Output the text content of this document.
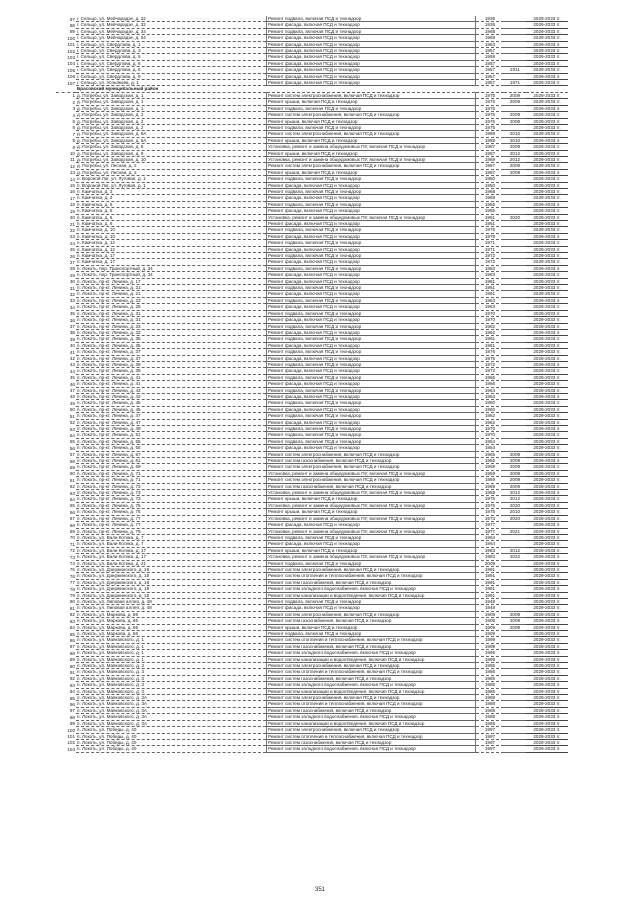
97	г. Сельцо, ул. Мейчарадзе, д. 32	Ремонт подвала, включая ПСД и технадзор	1936		2029-2033 гг.
98	г. Сельцо, ул. Мейчарадзе, д. 32	Ремонт фасада, включая ПСД и технадзор	1936		2029-2033 гг.
99	г. Сельцо, ул. Мейчарадзе, д. 34	Ремонт подвала, включая ПСД и технадзор	1968		2029-2033 гг.
100	г. Сельцо, ул. Мейчарадзе, д. 34	Ремонт фасада, включая ПСД и технадзор	1968		2029-2033 гг.
101	г. Сельцо, ул. Свердлова, д. 1	Ремонт фасада, включая ПСД и технадзор	1963		2029-2033 гг.
102	г. Сельцо, ул. Свердлова, д. 3	Ремонт фасада, включая ПСД и технадзор	1957		2029-2033 гг.
103	г. Сельцо, ул. Свердлова, д. 5	Ремонт фасада, включая ПСД и технадзор	1958		2029-2033 гг.
104	г. Сельцо, ул. Свердлова, д. 6	Ремонт фасада, включая ПСД и технадзор	1957		2029-2033 гг.
105	г. Сельцо, ул. Свердлова, д. 6	Ремонт фасада, включая ПСД и технадзор	1957	2011	2029-2033 гг.
106	г. Сельцо, ул. Свердлова, д. 9	Ремонт фасада, включая ПСД и технадзор	1957		2029-2033 гг.
107	г. Сельцо, ул. Успьякова, д. 1	Ремонт фасада, включая ПСД и технадзор	1957	1971	2029-2033 гг.
	Брасовский муниципальный район				
1	д. Погребы, ул. Заводская, д. 1	Ремонт систем электроснабжения, включая ПСД и технадзор	1975	2009	2029-2033 гг.
2	д. Погребы, ул. Заводская, д. 1	Ремонт крыши, включая ПСД и технадзор	1975	2009	2029-2033 гг.
3	д. Погребы, ул. Заводская, д. 1	Ремонт подвала, включая ПСД и технадзор	1975		2029-2033 гг.
4	д. Погребы, ул. Заводская, д. 2	Ремонт систем электроснабжения, включая ПСД и технадзор	1975	2009	2029-2033 гг.
5	д. Погребы, ул. Заводская, д. 2	Ремонт крыши, включая ПСД и технадзор	1975	2009	2029-2033 гг.
6	д. Погребы, ул. Заводская, д. 2	Ремонт подвала, включая ПСД и технадзор	1975		2029-2033 гг.
7	д. Погребы, ул. Заводская, д. 8А	Ремонт систем электроснабжения, включая ПСД и технадзор	1989	2010	2029-2033 гг.
8	д. Погребы, ул. Заводская, д. 8А	Ремонт крыши, включая ПСД и технадзор	1989	2010	2029-2033 гг.
9	д. Погребы, ул. Заводская, д. 8	Установка, ремонт и замена общедомовых ПУ, включая ПСД и технадзор	1987	2009	2029-2033 гг.
10	д. Погребы, ул. Заводская, д. 9	Ремонт крыши, включая ПСД и технадзор	1987	2012	2029-2033 гг.
11	д. Погребы, ул. Заводская, д. 10	Установка, ремонт и замена общедомовых ПУ, включая ПСД и технадзор	1989	2012	2029-2033 гг.
12	д. Погребы, ул. Лесная, д. 2	Ремонт систем электроснабжения, включая ПСД и технадзор	1987	2009	2029-2033 гг.
13	д. Погребы, ул. Лесная, д. 2	Ремонт крыши, включая ПСД и технадзор	1987	2009	2029-2033 гг.
14	п. Вороной Лог, ул. Луговая, д. 1	Ремонт подвала, включая ПСД и технадзор	1950		2029-2033 гг.
15	п. Вороной Лог, ул. Луговая, д. 1	Ремонт фасада, включая ПСД и технадзор	1950		2029-2033 гг.
16	п. Камчатка, д. 3	Ремонт подвала, включая ПСД и технадзор	1968		2029-2033 гг.
17	п. Камчатка, д. 3	Ремонт фасада, включая ПСД и технадзор	1968		2029-2033 гг.
18	п. Камчатка, д. 5	Ремонт подвала, включая ПСД и технадзор	1955		2029-2033 гг.
19	п. Камчатка, д. 5	Ремонт фасада, включая ПСД и технадзор	1955		2029-2033 гг.
20	п. Камчатка, д. 6	Установка, ремонт и замена общедомовых ПУ, включая ПСД и технадзор	1961	2020	2029-2033 гг.
21	п. Камчатка, д. 6	Ремонт фасада, включая ПСД и технадзор	1961		2029-2033 гг.
22	п. Камчатка, д. 10	Ремонт подвала, включая ПСД и технадзор	1975		2029-2033 гг.
23	п. Камчатка, д. 10	Ремонт фасада, включая ПСД и технадзор	1979		2029-2033 гг.
24	п. Камчатка, д. 12	Ремонт подвала, включая ПСД и технадзор	1971		2029-2033 гг.
25	п. Камчатка, д. 12	Ремонт фасада, включая ПСД и технадзор	1971		2029-2033 гг.
26	п. Камчатка, д. 17	Ремонт подвала, включая ПСД и технадзор	1972		2029-2033 гг.
27	п. Камчатка, д. 17	Ремонт фасада, включая ПСД и технадзор	1972		2029-2033 гг.
28	п. Локоть, пер. Транспортный, д. 34	Ремонт подвала, включая ПСД и технадзор	1983		2029-2033 гг.
29	п. Локоть, пер. Транспортный, д. 34	Ремонт фасада, включая ПСД и технадзор	1983		2029-2033 гг.
30	п. Локоть, пр-кт. Ленина, д. 17	Ремонт фасада, включая ПСД и технадзор	1981		2029-2033 гг.
31	п. Локоть, пр-кт. Ленина, д. 21	Ремонт подвала, включая ПСД и технадзор	1961		2029-2033 гг.
32	п. Локоть, пр-кт. Ленина, д. 21	Ремонт фасада, включая ПСД и технадзор	1961		2029-2033 гг.
33	п. Локоть, пр-кт. Ленина, д. 23	Ремонт подвала, включая ПСД и технадзор	1963		2029-2033 гг.
34	п. Локоть, пр-кт. Ленина, д. 25	Ремонт фасада, включая ПСД и технадзор	1963		2029-2033 гг.
35	п. Локоть, пр-кт. Ленина, д. 31	Ремонт подвала, включая ПСД и технадзор	1970		2029-2033 гг.
36	п. Локоть, пр-кт. Ленина, д. 31	Ремонт фасада, включая ПСД и технадзор	1970		2029-2033 гг.
37	п. Локоть, пр-кт. Ленина, д. 33	Ремонт подвала, включая ПСД и технадзор	1962		2029-2033 гг.
38	п. Локоть, пр-кт. Ленина, д. 33	Ремонт фасада, включая ПСД и технадзор	1962		2029-2033 гг.
39	п. Локоть, пр-кт. Ленина, д. 35	Ремонт подвала, включая ПСД и технадзор	1961		2029-2033 гг.
40	п. Локоть, пр-кт. Ленина, д. 35	Ремонт фасада, включая ПСД и технадзор	1961		2029-2033 гг.
41	п. Локоть, пр-кт. Ленина, д. 37	Ремонт подвала, включая ПСД и технадзор	1976		2029-2033 гг.
42	п. Локоть, пр-кт. Ленина, д. 37	Ремонт фасада, включая ПСД и технадзор	1976		2029-2033 гг.
43	п. Локоть, пр-кт. Ленина, д. 39	Ремонт подвала, включая ПСД и технадзор	1972		2029-2033 гг.
44	п. Локоть, пр-кт. Ленина, д. 39	Ремонт фасада, включая ПСД и технадзор	1972		2029-2033 гг.
45	п. Локоть, пр-кт. Ленина, д. 41	Ремонт подвала, включая ПСД и технадзор	1966		2029-2033 гг.
46	п. Локоть, пр-кт. Ленина, д. 41	Ремонт фасада, включая ПСД и технадзор	1966		2029-2033 гг.
47	п. Локоть, пр-кт. Ленина, д. 43	Ремонт подвала, включая ПСД и технадзор	1964		2029-2033 гг.
48	п. Локоть, пр-кт. Ленина, д. 43	Ремонт фасада, включая ПСД и технадзор	1964		2029-2033 гг.
49	п. Локоть, пр-кт. Ленина, д. 45	Ремонт подвала, включая ПСД и технадзор	1960		2029-2033 гг.
50	п. Локоть, пр-кт. Ленина, д. 45	Ремонт фасада, включая ПСД и технадзор	1960		2029-2033 гг.
51	п. Локоть, пр-кт. Ленина, д. 47	Ремонт подвала, включая ПСД и технадзор	1962		2029-2033 гг.
52	п. Локоть, пр-кт. Ленина, д. 47	Ремонт фасада, включая ПСД и технадзор	1962		2029-2033 гг.
53	п. Локоть, пр-кт. Ленина, д. 49	Ремонт подвала, включая ПСД и технадзор	1970		2029-2033 гг.
54	п. Локоть, пр-кт. Ленина, д. 51	Ремонт подвала, включая ПСД и технадзор	1970		2029-2033 гг.
55	п. Локоть, пр-кт. Ленина, д. 55	Ремонт подвала, включая ПСД и технадзор	1954		2029-2033 гг.
56	п. Локоть, пр-кт. Ленина, д. 55	Ремонт фасада, включая ПСД и технадзор	1954		2029-2033 гг.
57	п. Локоть, пр-кт. Ленина, д. 57	Ремонт систем электроснабжения, включая ПСД и технадзор	1965	2009	2029-2033 гг.
58	п. Локоть, пр-кт. Ленина, д. 61	Ремонт систем газоснабжения, включая ПСД и технадзор	1955	2009	2029-2033 гг.
59	п. Локоть, пр-кт. Ленина, д. 69	Ремонт систем электроснабжения, включая ПСД и технадзор	1959	2009	2029-2033 гг.
60	п. Локоть, пр-кт. Ленина, д. 71	Установка, ремонт и замена общедомовых ПУ, включая ПСД и технадзор	1959	2009	2029-2033 гг.
61	п. Локоть, пр-кт. Ленина, д. 71	Ремонт систем электроснабжения, включая ПСД и технадзор	1959	2009	2029-2033 гг.
62	п. Локоть, пр-кт. Ленина, д. 73	Ремонт систем газоснабжения, включая ПСД и технадзор	1959	2009	2029-2033 гг.
63	п. Локоть, пр-кт. Ленина, д. 73	Установка, ремонт и замена общедомовых ПУ, включая ПСД и технадзор	1959	2012	2029-2033 гг.
64	п. Локоть, пр-кт. Ленина, д. 73	Ремонт крыши, включая ПСД и технадзор	1975	2012	2029-2033 гг.
65	п. Локоть, пр-кт. Ленина, д. 75	Установка, ремонт и замена общедомовых ПУ, включая ПСД и технадзор	1975	2020	2029-2033 гг.
66	п. Локоть, пр-кт. Ленина, д. 75	Ремонт крыши, включая ПСД и технадзор	1975	2010	2029-2033 гг.
67	п. Локоть, пр-кт. Ленина, д. 77	Установка, ремонт и замена общедомовых ПУ, включая ПСД и технадзор	1973	2020	2029-2033 гг.
68	п. Локоть, пр-кт. Ленина, д. 77	Ремонт фасада, включая ПСД и технадзор	1977		2029-2033 гг.
69	п. Локоть, пр-кт. Ленина, д. 79	Установка, ремонт и замена общедомовых ПУ, включая ПСД и технадзор	1977	2021	2029-2033 гг.
70	п. Локоть, ул. Вали Котика, д. 7	Ремонт подвала, включая ПСД и технадзор	1964		2029-2033 гг.
71	п. Локоть, ул. Вали Котика, д. 7	Ремонт фасада, включая ПСД и технадзор	1964		2029-2033 гг.
72	п. Локоть, ул. Вали Котика, д. 17	Ремонт крыши, включая ПСД и технадзор	1983	2012	2029-2033 гг.
73	п. Локоть, ул. Вали Котика, д. 17	Установка, ремонт и замена общедомовых ПУ, включая ПСД и технадзор	1983	2022	2029-2033 гг.
74	п. Локоть, ул. Вали Котика, д. 21	Ремонт подвала, включая ПСД и технадзор	2009		2029-2033 гг.
75	п. Локоть, ул. Дзержинского, д. 16	Ремонт систем электроснабжения, включая ПСД и технадзор	1991		2029-2033 гг.
76	п. Локоть, ул. Дзержинского, д. 16	Ремонт систем отопления и теплоснабжения, включая ПСД и технадзор	1991		2029-2033 гг.
77	п. Локоть, ул. Дзержинского, д. 16	Ремонт систем газоснабжения, включая ПСД и технадзор	1991		2029-2033 гг.
78	п. Локоть, ул. Дзержинского, д. 16	Ремонт систем холодного водоснабжения, включая ПСД и технадзор	1991		2029-2033 гг.
79	п. Локоть, ул. Дзержинского, д. 16	Ремонт систем канализации и водоотведения, включая ПСД и технадзор	1991		2029-2033 гг.
80	п. Локоть, ул. Липовая аллея, д. 48	Ремонт подвала, включая ПСД и технадзор	1948		2029-2033 гг.
81	п. Локоть, ул. Липовая аллея, д. 48	Ремонт фасада, включая ПСД и технадзор	1948		2029-2033 гг.
82	п. Локоть, ул. Маркова, д. 66	Ремонт систем электроснабжения, включая ПСД и технадзор	1909	2009	2029-2033 гг.
83	п. Локоть, ул. Маркова, д. 66	Ремонт систем газоснабжения, включая ПСД и технадзор	1909	2009	2029-2033 гг.
84	п. Локоть, ул. Маркова, д. 66	Ремонт крыши, включая ПСД и технадзор	1909	2009	2029-2033 гг.
85	п. Локоть, ул. Маркова, д. 66	Ремонт подвала, включая ПСД и технадзор	1909		2029-2033 гг.
86	п. Локоть, ул. Маяковского, д. 1	Ремонт систем отопления и теплоснабжения, включая ПСД и технадзор	1999		2029-2033 гг.
87	п. Локоть, ул. Маяковского, д. 1	Ремонт систем газоснабжения, включая ПСД и технадзор	1999		2029-2033 гг.
88	п. Локоть, ул. Маяковского, д. 1	Ремонт систем холодного водоснабжения, включая ПСД и технадзор	1995		2029-2033 гг.
89	п. Локоть, ул. Маяковского, д. 1	Ремонт систем канализации и водоотведения, включая ПСД и технадзор	1999		2029-2033 гг.
90	п. Локоть, ул. Маяковского, д. 3	Ремонт систем электроснабжения, включая ПСД и технадзор	1985		2029-2033 гг.
91	п. Локоть, ул. Маяковского, д. 3	Ремонт систем отопления и теплоснабжения, включая ПСД и технадзор	1985		2029-2033 гг.
92	п. Локоть, ул. Маяковского, д. 3	Ремонт систем газоснабжения, включая ПСД и технадзор	1985		2029-2033 гг.
93	п. Локоть, ул. Маяковского, д. 3	Ремонт систем холодного водоснабжения, включая ПСД и технадзор	1985		2029-2033 гг.
94	п. Локоть, ул. Маяковского, д. 3	Ремонт систем канализации и водоотведения, включая ПСД и технадзор	1985		2029-2033 гг.
95	п. Локоть, ул. Маяковского, д. 3А	Ремонт систем электроснабжения, включая ПСД и технадзор	1988		2029-2033 гг.
96	п. Локоть, ул. Маяковского, д. 3А	Ремонт систем отопления и теплоснабжения, включая ПСД и технадзор	1988		2029-2033 гг.
97	п. Локоть, ул. Маяковского, д. 3А	Ремонт систем газоснабжения, включая ПСД и технадзор	1988		2029-2033 гг.
98	п. Локоть, ул. Маяковского, д. 3А	Ремонт систем холодного водоснабжения, включая ПСД и технадзор	1988		2029-2033 гг.
99	п. Локоть, ул. Маяковского, д. 3А	Ремонт систем канализации и водоотведения, включая ПСД и технадзор	1988		2029-2033 гг.
100	п. Локоть, ул. Победы, д. 40	Ремонт систем электроснабжения, включая ПСД и технадзор	1997		2029-2033 гг.
101	п. Локоть, ул. Победы, д. 40	Ремонт систем отопления и теплоснабжения, включая ПСД и технадзор	1997		2029-2033 гг.
102	п. Локоть, ул. Победы, д. 40	Ремонт систем газоснабжения, включая ПСД и технадзор	1997		2029-2033 гг.
103	п. Локоть, ул. Победы, д. 40	Ремонт систем холодного водоснабжения, включая ПСД и технадзор	1997		2029-2033 гг.
351
